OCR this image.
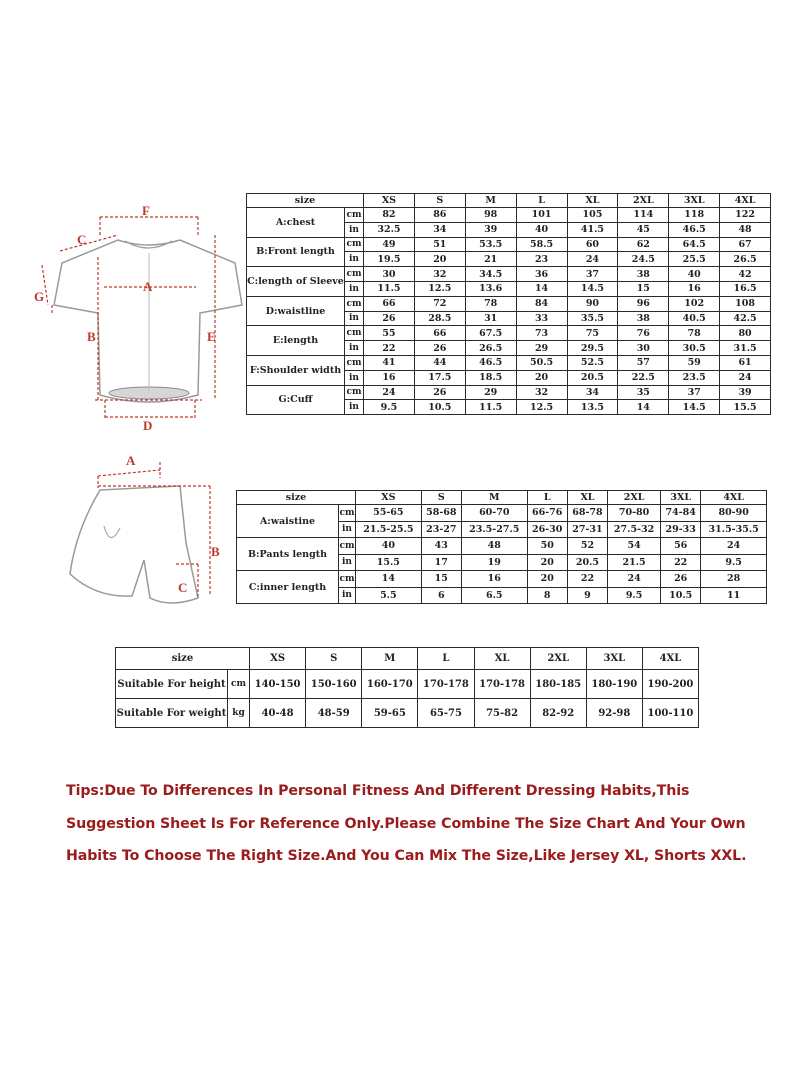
F
C
A
G
B	E
D
size		XS	S	M	L	XL	2XL	3XL	4XL
A:chest	cm	82	86	98	101	105	114	118	122
	in	32.5	34	39	40	41.5	45	46.5	48
B:Front length	cm	49	51	53.5	58.5	60	62	64.5	67
	in	19.5	20	21	23	24	24.5	25.5	26.5
C:length of Sleeve	cm	30	32	34.5	36	37	38	40	42
	in	11.5	12.5	13.6	14	14.5	15	16	16.5
D:waistline	cm	66	72	78	84	90	96	102	108
	in	26	28.5	31	33	35.5	38	40.5	42.5
E:length	cm	55	66	67.5	73	75	76	78	80
	in	22	26	26.5	29	29.5	30	30.5	31.5
F:Shoulder width	cm	41	44	46.5	50.5	52.5	57	59	61
	in	16	17.5	18.5	20	20.5	22.5	23.5	24
G:Cuff	cm	24	26	29	32	34	35	37	39
	in	9.5	10.5	11.5	12.5	13.5	14	14.5	15.5
A
B
C
size		XS	S	M	L	XL	2XL	3XL	4XL
A:waistine	cm	55-65	58-68	60-70	66-76	68-78	70-80	74-84	80-90
	in	21.5-25.5	23-27	23.5-27.5	26-30	27-31	27.5-32	29-33	31.5-35.5
B:Pants length	cm	40	43	48	50	52	54	56	24
	in	15.5	17	19	20	20.5	21.5	22	9.5
C:inner length	cm	14	15	16	20	22	24	26	28
	in	5.5	6	6.5	8	9	9.5	10.5	11
size		XS	S	M	L	XL	2XL	3XL	4XL
Suitable For height	cm	140-150	150-160	160-170	170-178	170-178	180-185	180-190	190-200
Suitable For weight	kg	40-48	48-59	59-65	65-75	75-82	82-92	92-98	100-110
Tips:Due To Differences In Personal Fitness And Different Dressing Habits,This Suggestion Sheet Is For Reference Only.Please Combine The Size Chart And Your Own Habits To Choose The Right Size.And You Can Mix The Size,Like Jersey XL, Shorts XXL.
